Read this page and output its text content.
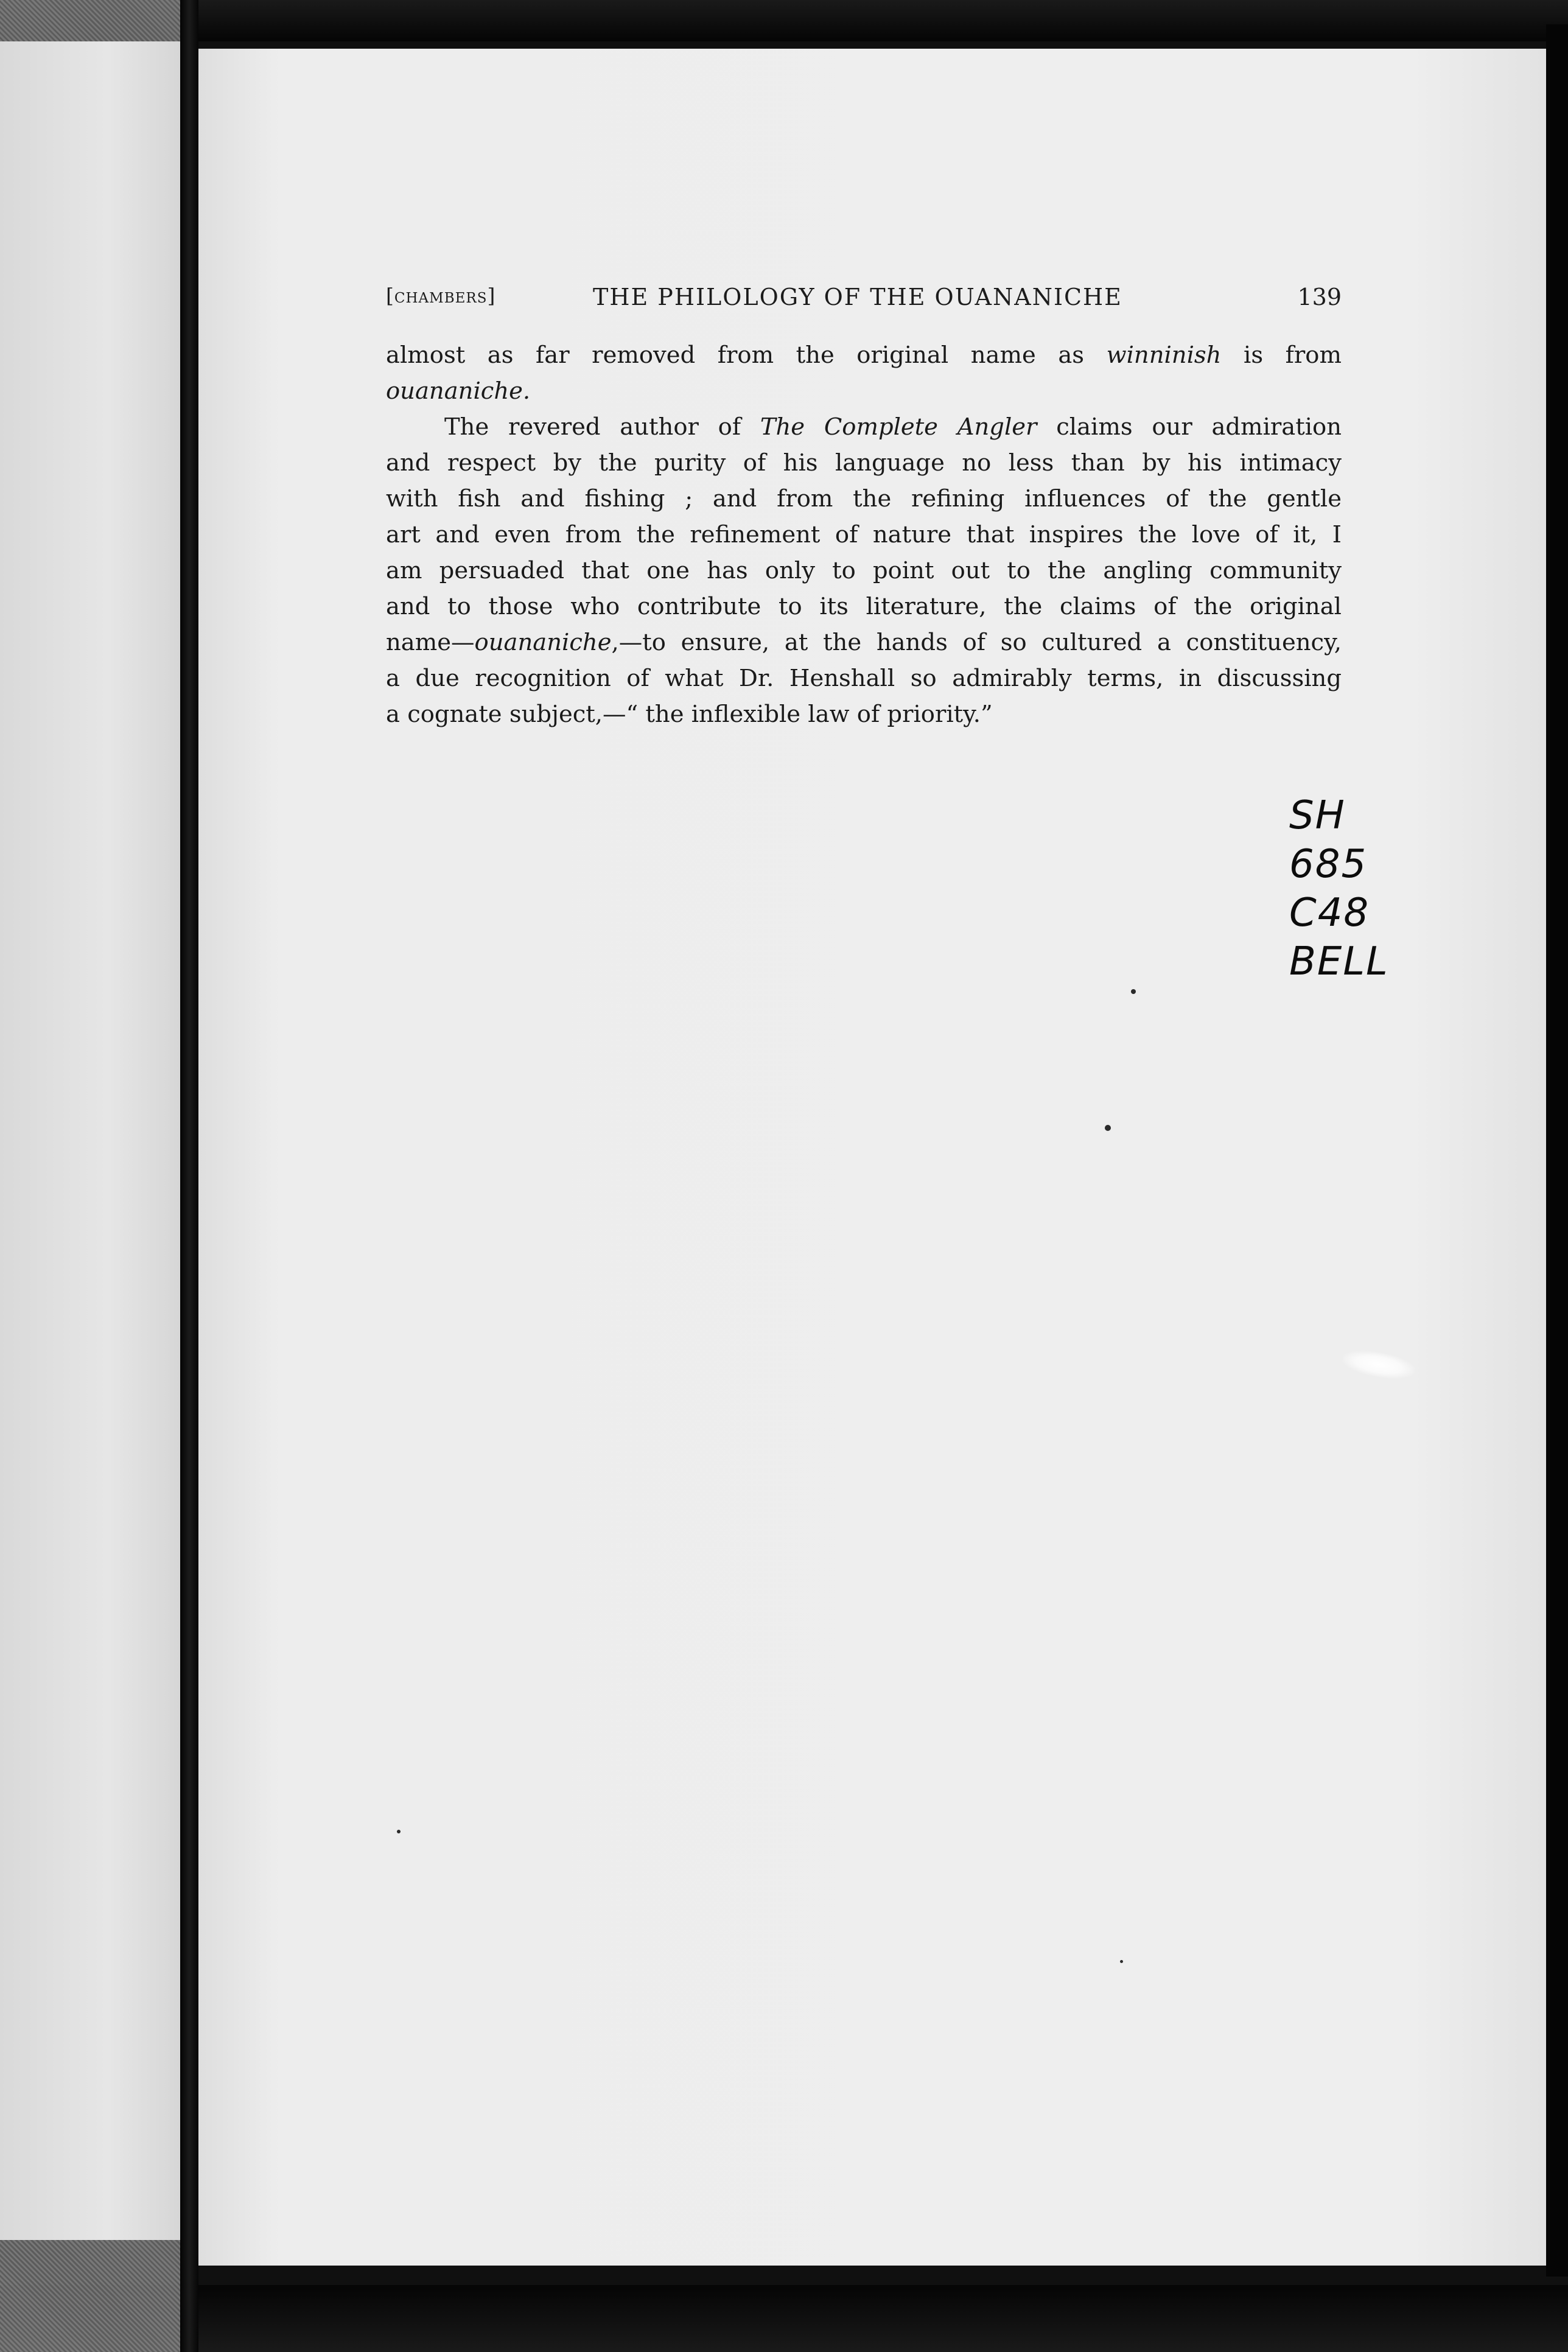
[chambers]	THE PHILOLOGY OF THE OUANANICHE	139
almost as far removed from the original name as winninish is from
ouananiche.
The revered author of The Complete Angler claims our admiration
and respect by the purity of his language no less than by his intimacy
with fish and fishing ; and from the refining influences of the gentle
art and even from the refinement of nature that inspires the love of it, I
am persuaded that one has only to point out to the angling community
and to those who contribute to its literature, the claims of the original
name—ouananiche,—to ensure, at the hands of so cultured a constituency,
a due recognition of what Dr. Henshall so admirably terms, in discussing
a cognate subject,—“ the inflexible law of priority.”
SH
685
C48
BELL
